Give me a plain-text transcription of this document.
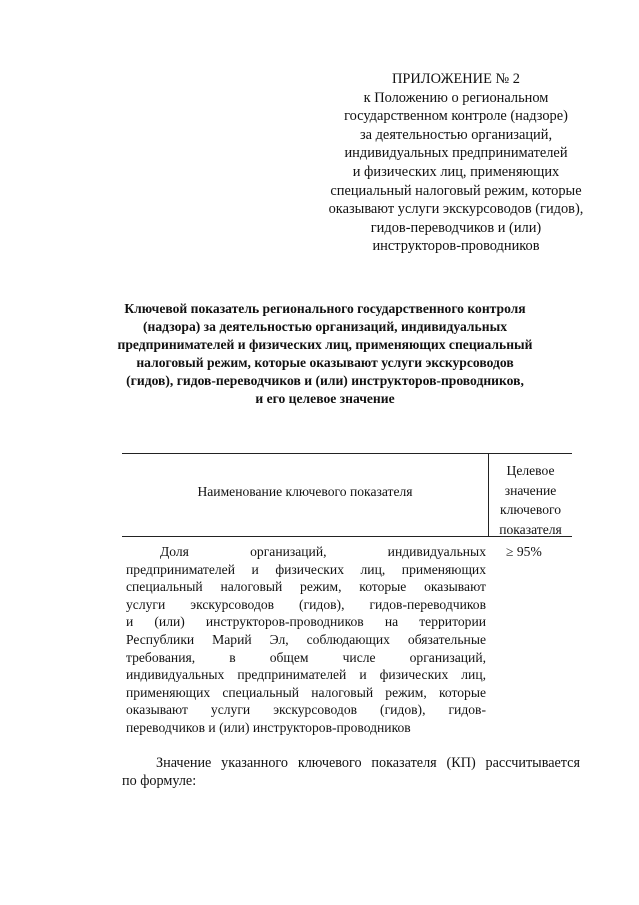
ПРИЛОЖЕНИЕ № 2
к Положению о региональном
государственном контроле (надзоре)
за деятельностью организаций,
индивидуальных предпринимателей
и физических лиц, применяющих
специальный налоговый режим, которые
оказывают услуги экскурсоводов (гидов),
гидов-переводчиков и (или)
инструкторов-проводников
Ключевой показатель регионального государственного контроля
(надзора) за деятельностью организаций, индивидуальных
предпринимателей и физических лиц, применяющих специальный
налоговый режим, которые оказывают услуги экскурсоводов
(гидов), гидов-переводчиков и (или) инструкторов-проводников,
и его целевое значение
Наименование ключевого показателя
Целевое
значение
ключевого
показателя
Доля организаций, индивидуальных
предпринимателей и физических лиц, применяющих
специальный налоговый режим, которые оказывают
услуги экскурсоводов (гидов), гидов-переводчиков
и (или) инструкторов-проводников на территории
Республики Марий Эл, соблюдающих обязательные
требования, в общем числе организаций,
индивидуальных предпринимателей и физических лиц,
применяющих специальный налоговый режим, которые
оказывают услуги экскурсоводов (гидов), гидов-
переводчиков и (или) инструкторов-проводников
≥ 95%
Значение указанного ключевого показателя (КП) рассчитывается
по формуле:
